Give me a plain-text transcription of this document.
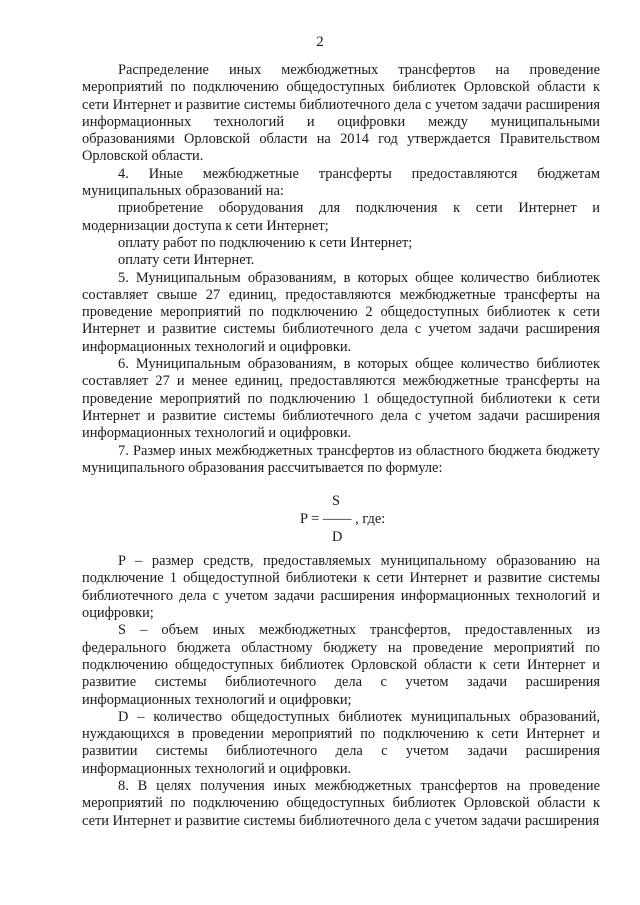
2

Распределение иных межбюджетных трансфертов на проведение мероприятий по подключению общедоступных библиотек Орловской области к сети Интернет и развитие системы библиотечного дела с учетом задачи расширения информационных технологий и оцифровки между муниципальными образованиями Орловской области на 2014 год утверждается Правительством Орловской области.

4. Иные межбюджетные трансферты предоставляются бюджетам муниципальных образований на:

приобретение оборудования для подключения к сети Интернет и модернизации доступа к сети Интернет;

оплату работ по подключению к сети Интернет;

оплату сети Интернет.

5. Муниципальным образованиям, в которых общее количество библиотек составляет свыше 27 единиц, предоставляются межбюджетные трансферты на проведение мероприятий по подключению 2 общедоступных библиотек к сети Интернет и развитие системы библиотечного дела с учетом задачи расширения информационных технологий и оцифровки.

6. Муниципальным образованиям, в которых общее количество библиотек составляет 27 и менее единиц, предоставляются межбюджетные трансферты на проведение мероприятий по подключению 1 общедоступной библиотеки к сети Интернет и развитие системы библиотечного дела с учетом задачи расширения информационных технологий и оцифровки.

7. Размер иных межбюджетных трансфертов из областного бюджета бюджету муниципального образования рассчитывается по формуле:

S
P = —— , где:
D

P – размер средств, предоставляемых муниципальному образованию на подключение 1 общедоступной библиотеки к сети Интернет и развитие системы библиотечного дела с учетом задачи расширения информационных технологий и оцифровки;

S – объем иных межбюджетных трансфертов, предоставленных из федерального бюджета областному бюджету на проведение мероприятий по подключению общедоступных библиотек Орловской области к сети Интернет и развитие системы библиотечного дела с учетом задачи расширения информационных технологий и оцифровки;

D – количество общедоступных библиотек муниципальных образований, нуждающихся в проведении мероприятий по подключению к сети Интернет и развитии системы библиотечного дела с учетом задачи расширения информационных технологий и оцифровки.

8. В целях получения иных межбюджетных трансфертов на проведение мероприятий по подключению общедоступных библиотек Орловской области к сети Интернет и развитие системы библиотечного дела с учетом задачи расширения
